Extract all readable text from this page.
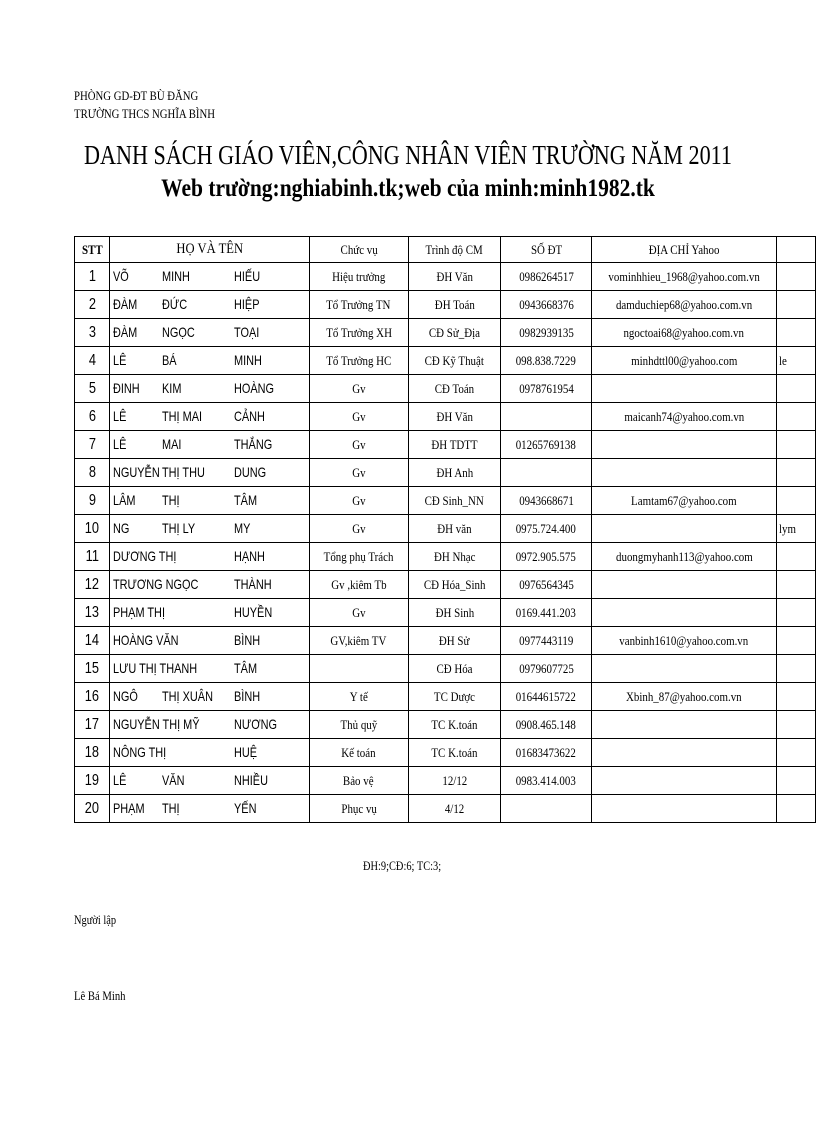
PHÒNG GD-ĐT BÙ ĐĂNG
TRƯỜNG THCS NGHĨA BÌNH
DANH SÁCH GIÁO VIÊN,CÔNG NHÂN VIÊN TRƯỜNG NĂM 2011
Web trường:nghiabinh.tk;web của minh:minh1982.tk
STT	HỌ VÀ TÊN	Chức vụ	Trình độ CM	SỐ ĐT	ĐỊA CHỈ Yahoo	
1	VÕ MINH HIẾU	Hiệu trưởng	ĐH Văn	0986264517	vominhhieu_1968@yahoo.com.vn	
2	ĐÀM ĐỨC HIỆP	Tổ Trưởng TN	ĐH Toán	0943668376	damduchiep68@yahoo.com.vn	
3	ĐÀM NGỌC TOẠI	Tổ Trưởng XH	CĐ Sử_Địa	0982939135	ngoctoai68@yahoo.com.vn	
4	LÊ BÁ MINH	Tổ Trưởng HC	CĐ Kỹ Thuật	098.838.7229	minhdttl00@yahoo.com	le
5	ĐINH KIM HOÀNG	Gv	CĐ Toán	0978761954		
6	LÊ THỊ MAI CẢNH	Gv	ĐH Văn		maicanh74@yahoo.com.vn	
7	LÊ MAI THẮNG	Gv	ĐH TDTT	01265769138		
8	NGUYỄN THỊ THU DUNG	Gv	ĐH Anh			
9	LÂM THỊ TÂM	Gv	CĐ Sinh_NN	0943668671	Lamtam67@yahoo.com	
10	NG THỊ LY MY	Gv	ĐH văn	0975.724.400		lym
11	DƯƠNG THỊ HẠNH	Tổng phụ Trách	ĐH Nhạc	0972.905.575	duongmyhanh113@yahoo.com	
12	TRƯƠNG NGỌC THÀNH	Gv ,kiêm Tb	CĐ Hóa_Sinh	0976564345		
13	PHẠM THỊ HUYỀN	Gv	ĐH Sinh	0169.441.203		
14	HOÀNG VĂN BÌNH	GV,kiêm TV	ĐH Sử	0977443119	vanbinh1610@yahoo.com.vn	
15	LƯU THỊ THANH TÂM		CĐ Hóa	0979607725		
16	NGÔ THỊ XUÂN BÌNH	Y tế	TC Dược	01644615722	Xbinh_87@yahoo.com.vn	
17	NGUYỄN THỊ MỸ NƯƠNG	Thủ quỹ	TC K.toán	0908.465.148		
18	NÔNG THỊ HUỆ	Kế toán	TC K.toán	01683473622		
19	LÊ VĂN NHIỀU	Bảo vệ	12/12	0983.414.003		
20	PHẠM THỊ YẾN	Phục vụ	4/12			
ĐH:9;CĐ:6; TC:3;
Người lập
Lê Bá Minh
